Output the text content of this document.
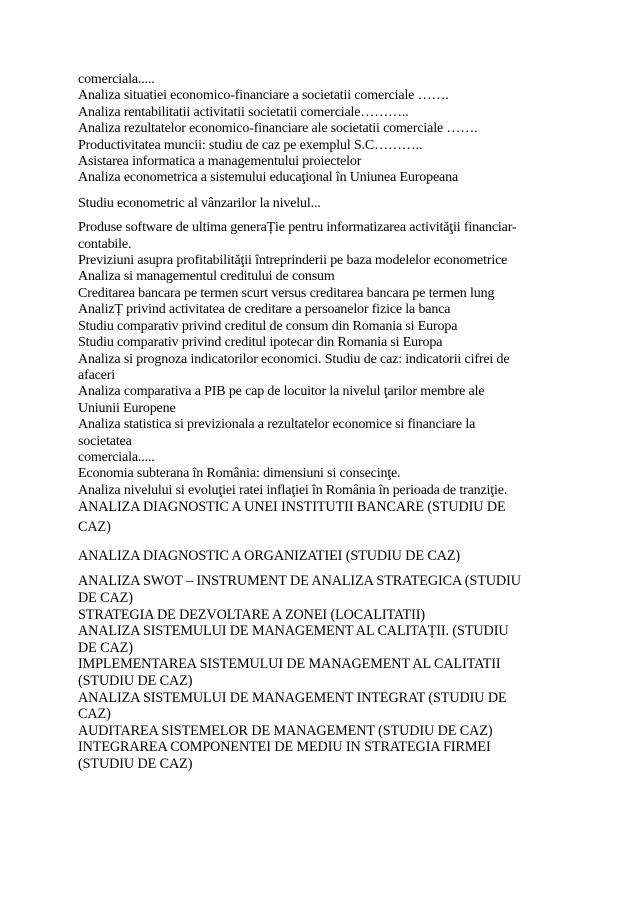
comerciala.....
Analiza situatiei economico-financiare a societatii comerciale …….
Analiza rentabilitatii activitatii societatii comerciale………..
Analiza rezultatelor economico-financiare ale societatii comerciale …….
Productivitatea muncii: studiu de caz pe exemplul S.C………..
Asistarea informatica a managementului proiectelor
Analiza econometrica a sistemului educaţional în Uniunea Europeana
Studiu econometric al vânzarilor la nivelul...
Produse software de ultima generaȚie pentru informatizarea activităţii financiar-
contabile.
Previziuni asupra profitabilităţii întreprinderii pe baza modelelor econometrice
Analiza si managementul creditului de consum
Creditarea bancara pe termen scurt versus creditarea bancara pe termen lung
AnalizȚ privind activitatea de creditare a persoanelor fizice la banca
Studiu comparativ privind creditul de consum din Romania si Europa
Studiu comparativ privind creditul ipotecar din Romania si Europa
Analiza si prognoza indicatorilor economici. Studiu de caz: indicatorii cifrei de
afaceri
Analiza comparativa a PIB pe cap de locuitor la nivelul ţarilor membre ale
Uniunii Europene
Analiza statistica si previzionala a rezultatelor economice si financiare la
societatea
comerciala.....
Economia subterana în România: dimensiuni si consecinţe.
Analiza nivelului si evoluţiei ratei inflaţiei în România în perioada de tranziţie.
ANALIZA DIAGNOSTIC A UNEI INSTITUTII BANCARE (STUDIU DE
CAZ)
ANALIZA DIAGNOSTIC A ORGANIZATIEI (STUDIU DE CAZ)
ANALIZA SWOT – INSTRUMENT DE ANALIZA STRATEGICA (STUDIU
DE CAZ)
STRATEGIA DE DEZVOLTARE A ZONEI (LOCALITATII)
ANALIZA SISTEMULUI DE MANAGEMENT AL CALITAȚII. (STUDIU
DE CAZ)
IMPLEMENTAREA SISTEMULUI DE MANAGEMENT AL CALITATII
(STUDIU DE CAZ)
ANALIZA SISTEMULUI DE MANAGEMENT INTEGRAT (STUDIU DE
CAZ)
AUDITAREA SISTEMELOR DE MANAGEMENT (STUDIU DE CAZ)
INTEGRAREA COMPONENTEI DE MEDIU IN STRATEGIA FIRMEI
(STUDIU DE CAZ)
